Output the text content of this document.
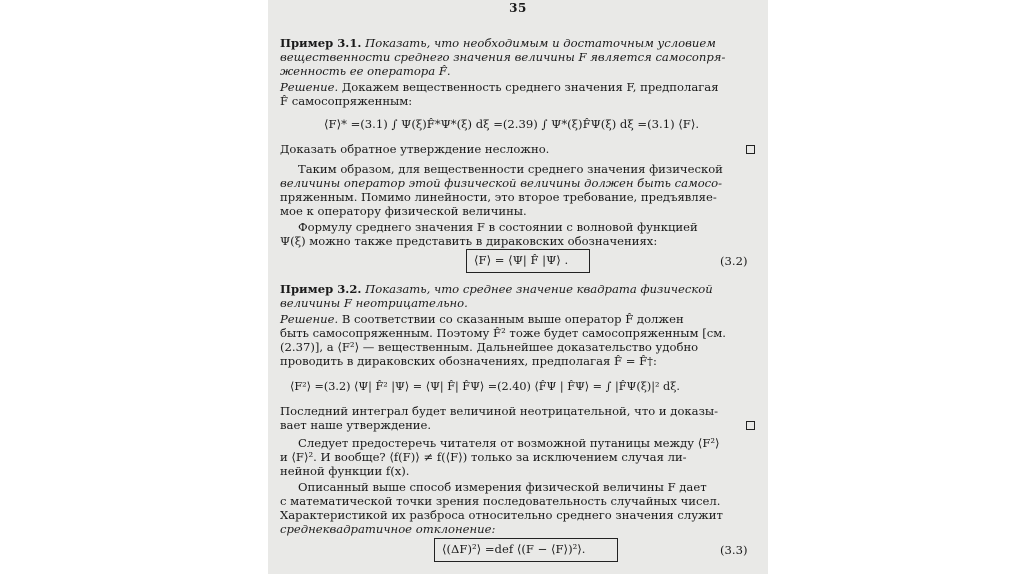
35
Пример 3.1. Показать, что необходимым и достаточным условием
вещественности среднего значения величины F является самосопря-
женность ее оператора F̂.
Решение. Докажем вещественность среднего значения F, предполагая
F̂ самосопряженным:
⟨F⟩* =(3.1) ∫ Ψ(ξ)F̂*Ψ*(ξ) dξ =(2.39) ∫ Ψ*(ξ)F̂Ψ(ξ) dξ =(3.1) ⟨F⟩.
Доказать обратное утверждение несложно.
Таким образом, для вещественности среднего значения физической
величины оператор этой физической величины должен быть самосо-
пряженным. Помимо линейности, это второе требование, предъявляе-
мое к оператору физической величины.
Формулу среднего значения F в состоянии с волновой функцией
Ψ(ξ) можно также представить в дираковских обозначениях:
⟨F⟩ = ⟨Ψ| F̂ |Ψ⟩ .	(3.2)
Пример 3.2. Показать, что среднее значение квадрата физической
величины F неотрицательно.
Решение. В соответствии со сказанным выше оператор F̂ должен
быть самосопряженным. Поэтому F̂² тоже будет самосопряженным [см.
(2.37)], а ⟨F²⟩ — вещественным. Дальнейшее доказательство удобно
проводить в дираковских обозначениях, предполагая F̂ = F̂†:
⟨F²⟩ =(3.2) ⟨Ψ| F̂² |Ψ⟩ = ⟨Ψ| F̂| F̂Ψ⟩ =(2.40) ⟨F̂Ψ | F̂Ψ⟩ = ∫ |F̂Ψ(ξ)|² dξ.
Последний интеграл будет величиной неотрицательной, что и доказы-
вает наше утверждение.
Следует предостеречь читателя от возможной путаницы между ⟨F²⟩
и ⟨F⟩². И вообще? ⟨f(F)⟩ ≠ f(⟨F⟩) только за исключением случая ли-
нейной функции f(x).
Описанный выше способ измерения физической величины F дает
с математической точки зрения последовательность случайных чисел.
Характеристикой их разброса относительно среднего значения служит
среднеквадратичное отклонение:
⟨(ΔF)²⟩ =def ⟨(F − ⟨F⟩)²⟩.	(3.3)
